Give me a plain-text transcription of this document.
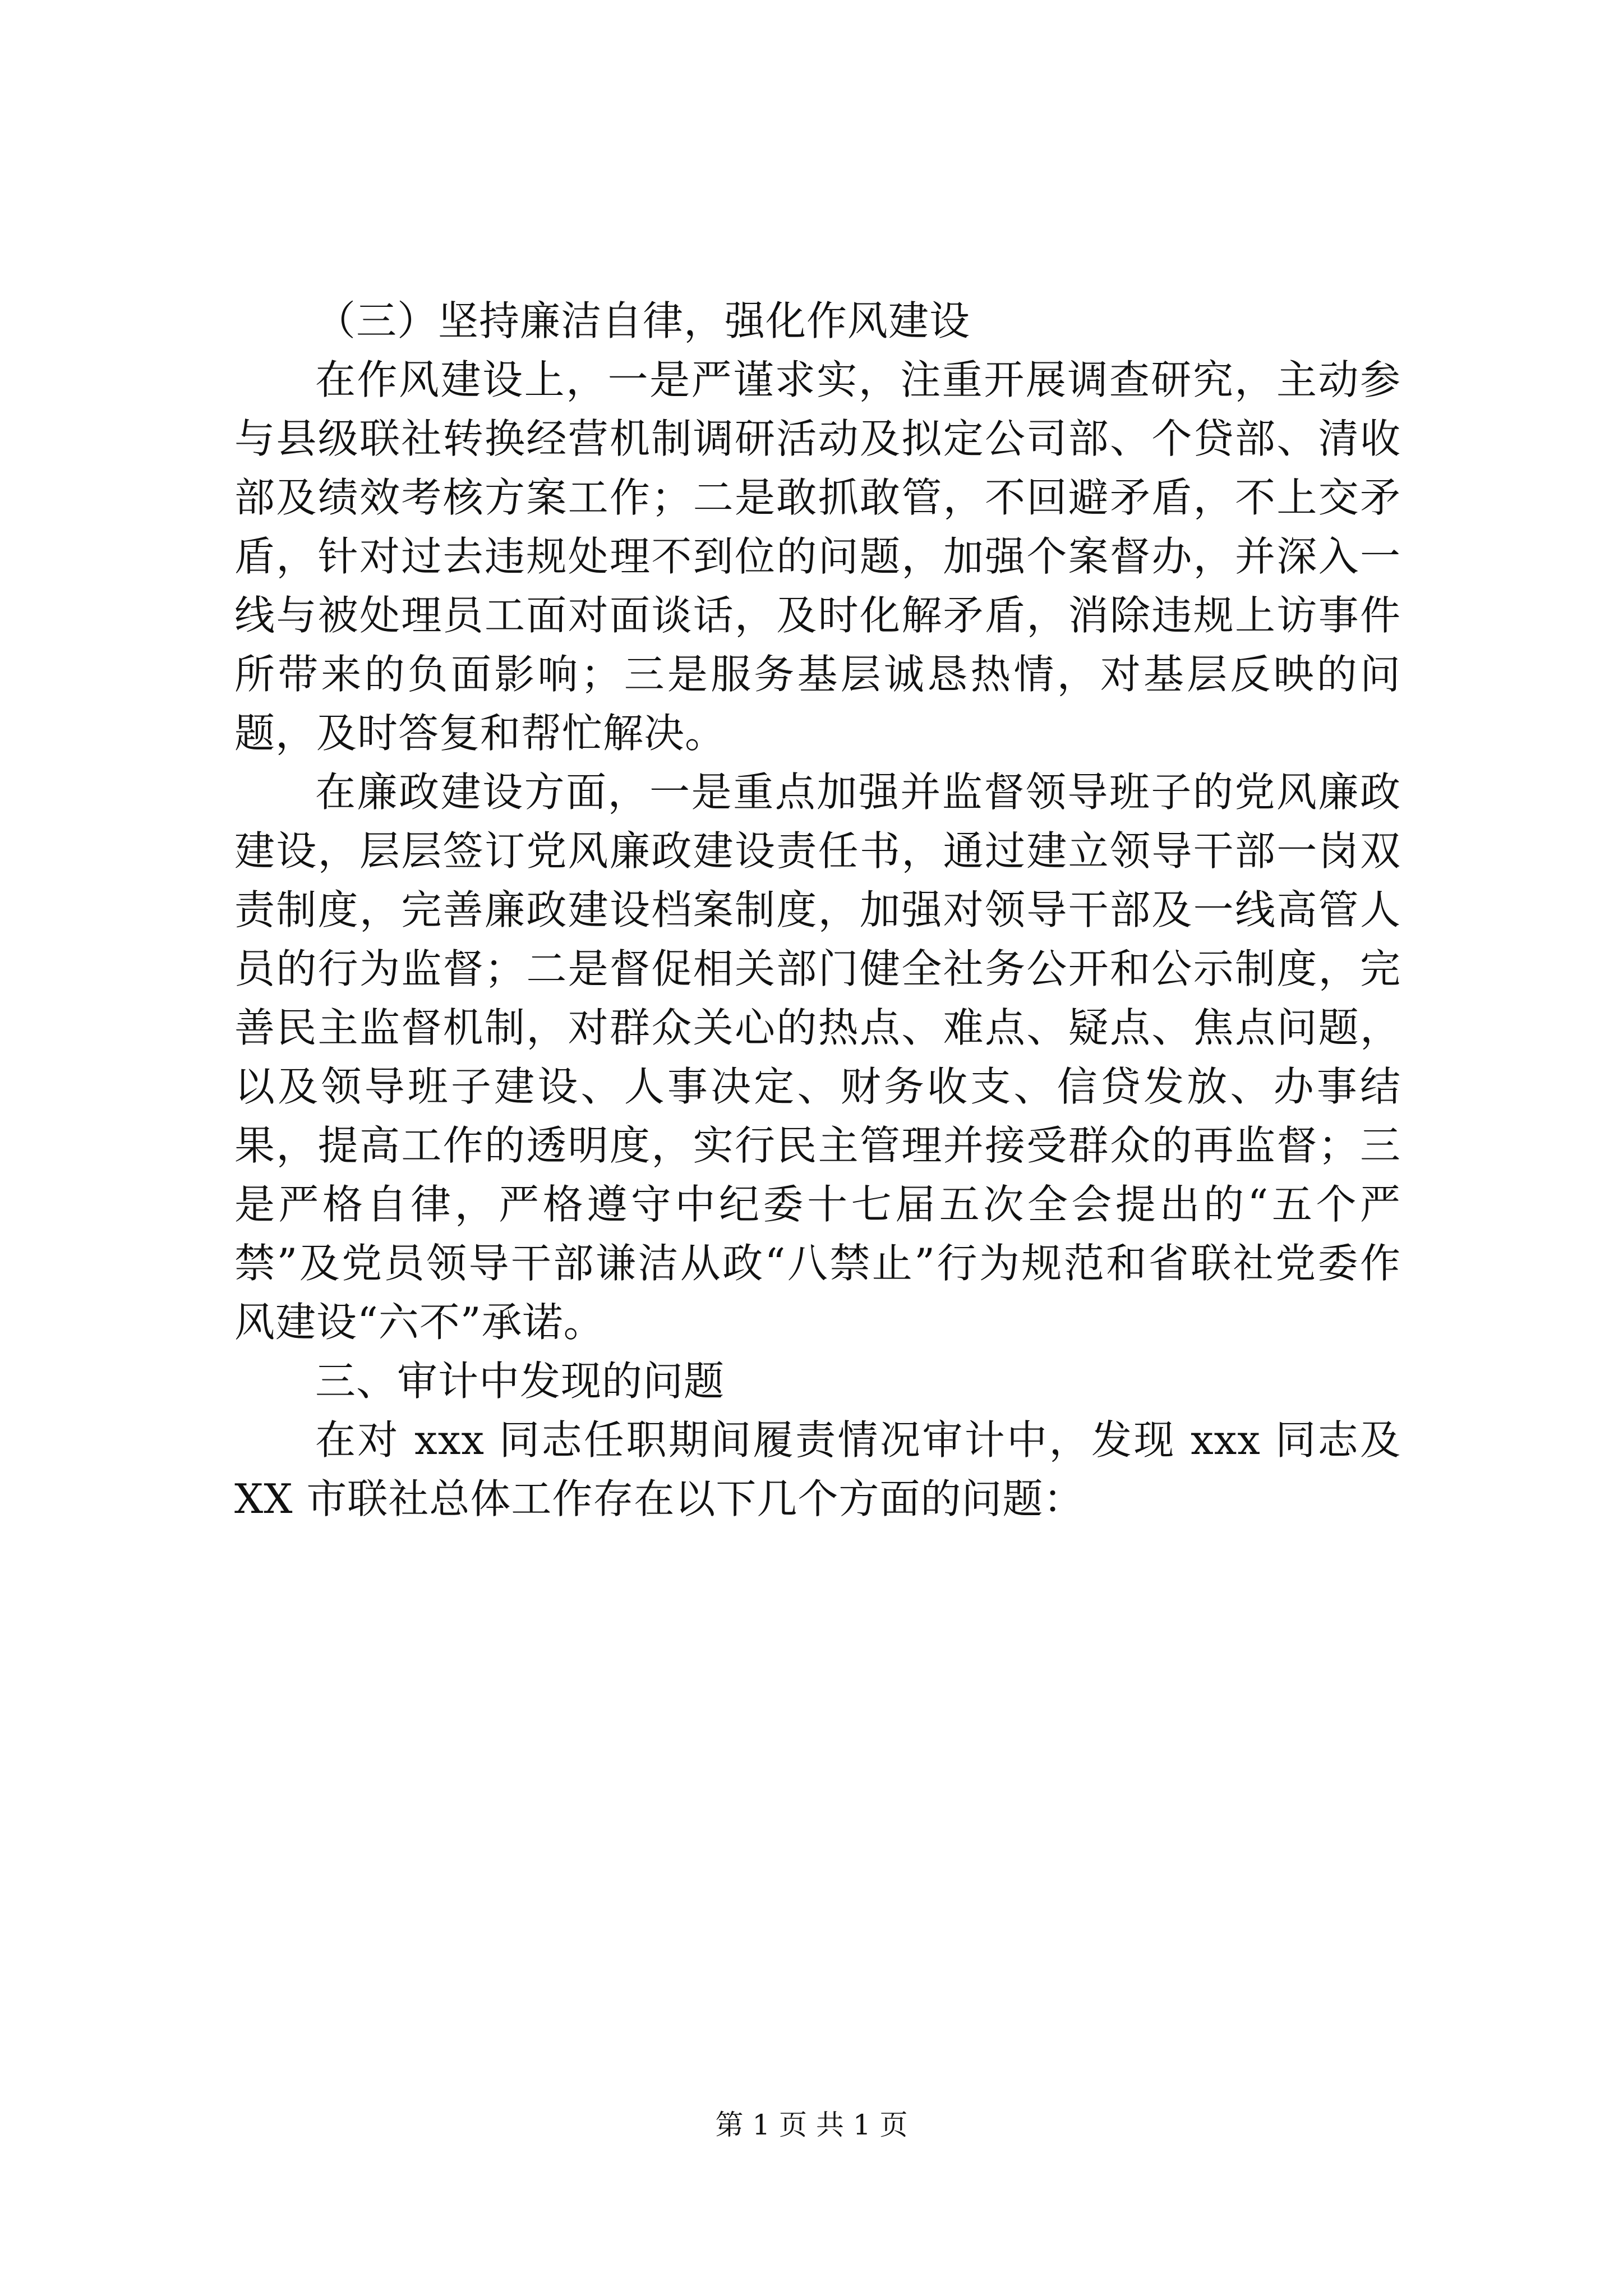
（三）坚持廉洁自律，强化作风建设

在作风建设上，一是严谨求实，注重开展调查研究，主动参与县级联社转换经营机制调研活动及拟定公司部、个贷部、清收部及绩效考核方案工作；二是敢抓敢管，不回避矛盾，不上交矛盾，针对过去违规处理不到位的问题，加强个案督办，并深入一线与被处理员工面对面谈话，及时化解矛盾，消除违规上访事件所带来的负面影响；三是服务基层诚恳热情，对基层反映的问题，及时答复和帮忙解决。

在廉政建设方面，一是重点加强并监督领导班子的党风廉政建设，层层签订党风廉政建设责任书，通过建立领导干部一岗双责制度，完善廉政建设档案制度，加强对领导干部及一线高管人员的行为监督；二是督促相关部门健全社务公开和公示制度，完善民主监督机制，对群众关心的热点、难点、疑点、焦点问题，以及领导班子建设、人事决定、财务收支、信贷发放、办事结果，提高工作的透明度，实行民主管理并接受群众的再监督；三是严格自律，严格遵守中纪委十七届五次全会提出的“五个严禁”及党员领导干部谦洁从政“八禁止”行为规范和省联社党委作风建设“六不”承诺。

三、审计中发现的问题

在对 xxx 同志任职期间履责情况审计中，发现 xxx 同志及 XX 市联社总体工作存在以下几个方面的问题：

第 1 页 共 1 页
